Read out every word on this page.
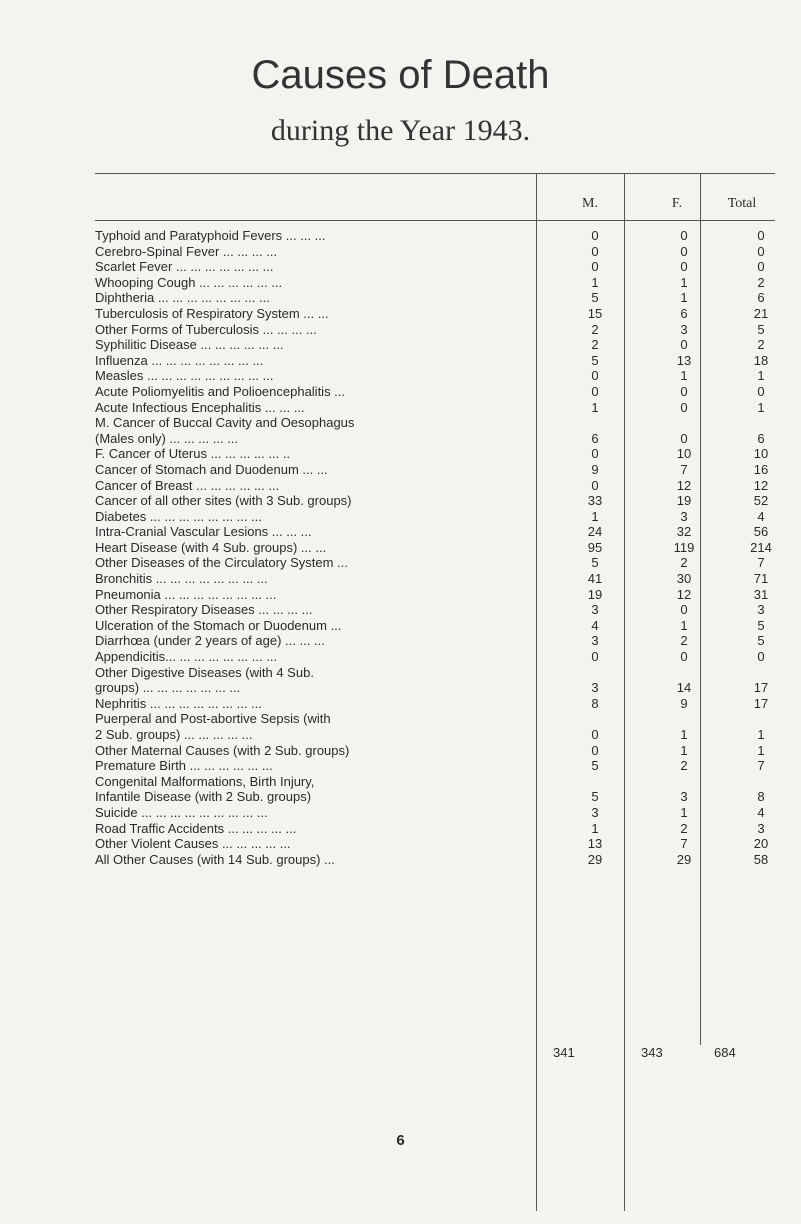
Causes of Death
during the Year 1943.
M.	F.	Total
Typhoid and Paratyphoid Fevers ... ... ...	0	0	0
Cerebro-Spinal Fever ... ... ... ...	0	0	0
Scarlet Fever ... ... ... ... ... ... ...	0	0	0
Whooping Cough ... ... ... ... ... ...	1	1	2
Diphtheria ... ... ... ... ... ... ... ...	5	1	6
Tuberculosis of Respiratory System ... ...	15	6	21
Other Forms of Tuberculosis ... ... ... ...	2	3	5
Syphilitic Disease ... ... ... ... ... ...	2	0	2
Influenza ... ... ... ... ... ... ... ...	5	13	18
Measles ... ... ... ... ... ... ... ... ...	0	1	1
Acute Poliomyelitis and Polioencephalitis ...	0	0	0
Acute Infectious Encephalitis ... ... ...	1	0	1
M. Cancer of Buccal Cavity and Oesophagus
(Males only) ... ... ... ... ...	6	0	6
F. Cancer of Uterus ... ... ... ... ... ..	0	10	10
Cancer of Stomach and Duodenum ... ...	9	7	16
Cancer of Breast ... ... ... ... ... ...	0	12	12
Cancer of all other sites (with 3 Sub. groups)	33	19	52
Diabetes ... ... ... ... ... ... ... ...	1	3	4
Intra-Cranial Vascular Lesions ... ... ...	24	32	56
Heart Disease (with 4 Sub. groups) ... ...	95	119	214
Other Diseases of the Circulatory System ...	5	2	7
Bronchitis ... ... ... ... ... ... ... ...	41	30	71
Pneumonia ... ... ... ... ... ... ... ...	19	12	31
Other Respiratory Diseases ... ... ... ...	3	0	3
Ulceration of the Stomach or Duodenum ...	4	1	5
Diarrhœa (under 2 years of age) ... ... ...	3	2	5
Appendicitis... ... ... ... ... ... ... ...	0	0	0
Other Digestive Diseases (with 4 Sub.
groups) ... ... ... ... ... ... ...	3	14	17
Nephritis ... ... ... ... ... ... ... ...	8	9	17
Puerperal and Post-abortive Sepsis (with
2 Sub. groups) ... ... ... ... ...	0	1	1
Other Maternal Causes (with 2 Sub. groups)	0	1	1
Premature Birth ... ... ... ... ... ...	5	2	7
Congenital Malformations, Birth Injury,
Infantile Disease (with 2 Sub. groups)	5	3	8
Suicide ... ... ... ... ... ... ... ... ...	3	1	4
Road Traffic Accidents ... ... ... ... ...	1	2	3
Other Violent Causes ... ... ... ... ...	13	7	20
All Other Causes (with 14 Sub. groups) ...	29	29	58
341	343	684
6
